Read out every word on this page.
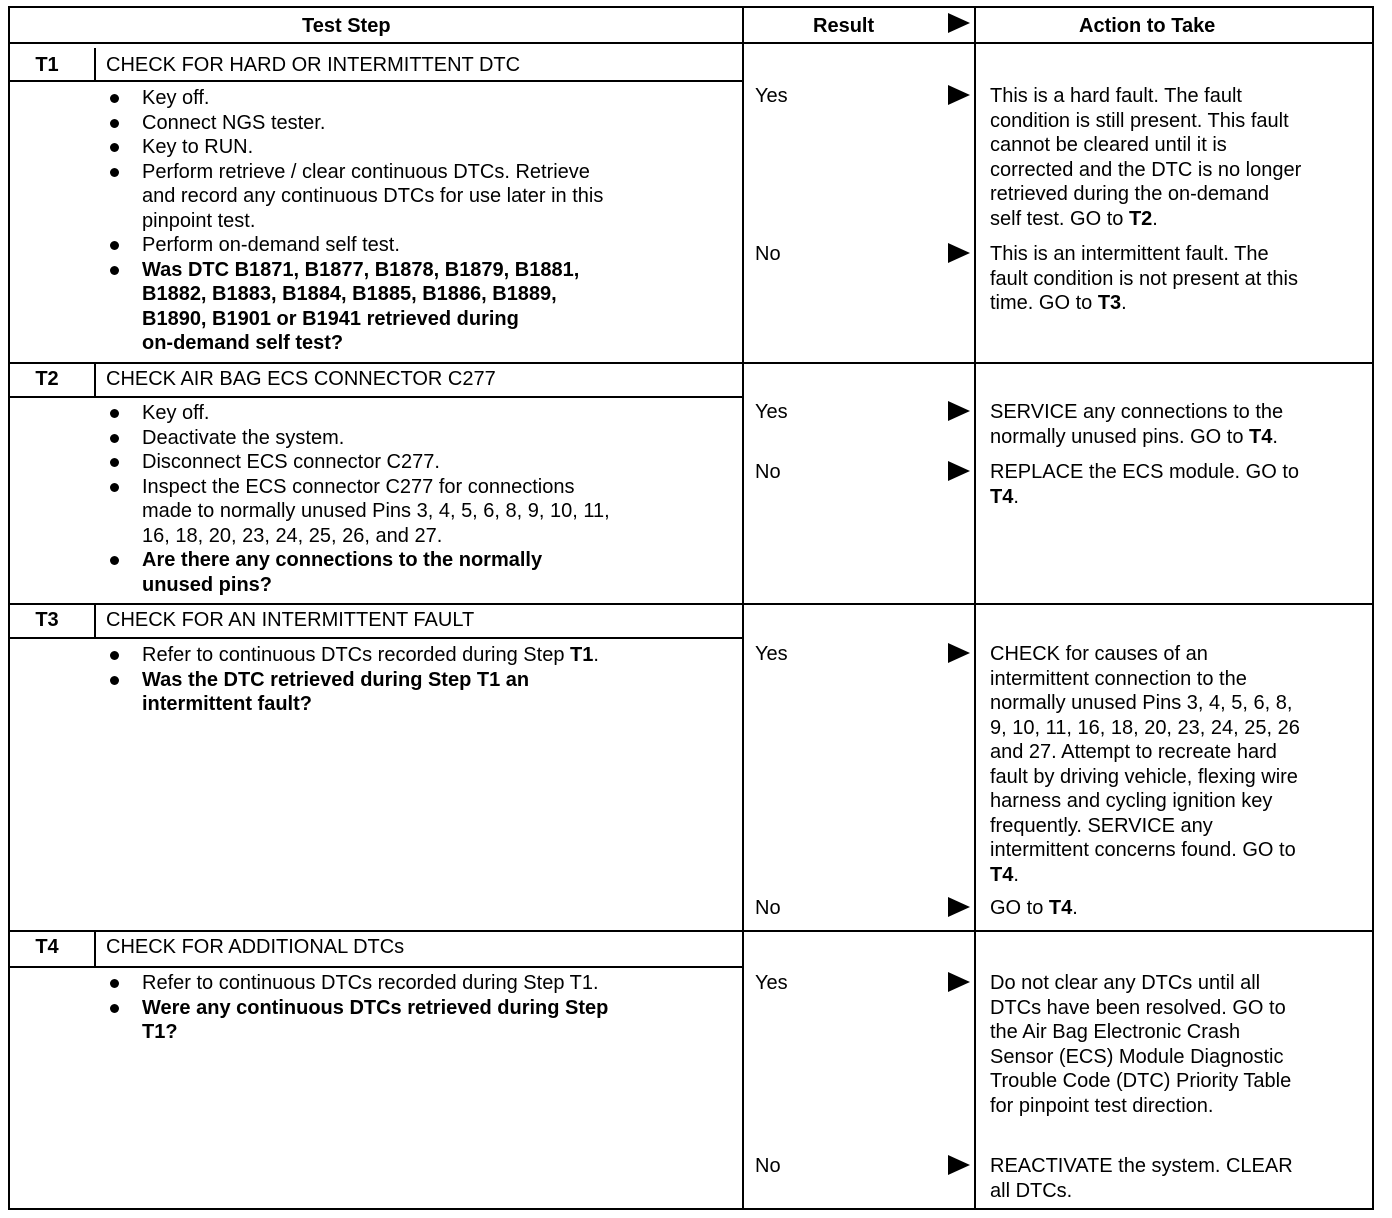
Test Step	Result	Action to Take
T1	CHECK FOR HARD OR INTERMITTENT DTC
Key off.
Connect NGS tester.
Key to RUN.
Perform retrieve / clear continuous DTCs. Retrieve
and record any continuous DTCs for use later in this
pinpoint test.
Perform on-demand self test.
Was DTC B1871, B1877, B1878, B1879, B1881,
B1882, B1883, B1884, B1885, B1886, B1889,
B1890, B1901 or B1941 retrieved during
on-demand self test?
Yes	This is a hard fault. The fault
condition is still present. This fault
cannot be cleared until it is
corrected and the DTC is no longer
retrieved during the on-demand
self test. GO to T2.
No	This is an intermittent fault. The
fault condition is not present at this
time. GO to T3.
T2	CHECK AIR BAG ECS CONNECTOR C277
Key off.
Deactivate the system.
Disconnect ECS connector C277.
Inspect the ECS connector C277 for connections
made to normally unused Pins 3, 4, 5, 6, 8, 9, 10, 11,
16, 18, 20, 23, 24, 25, 26, and 27.
Are there any connections to the normally
unused pins?
Yes	SERVICE any connections to the
normally unused pins. GO to T4.
No	REPLACE the ECS module. GO to
T4.
T3	CHECK FOR AN INTERMITTENT FAULT
Refer to continuous DTCs recorded during Step T1.
Was the DTC retrieved during Step T1 an
intermittent fault?
Yes	CHECK for causes of an
intermittent connection to the
normally unused Pins 3, 4, 5, 6, 8,
9, 10, 11, 16, 18, 20, 23, 24, 25, 26
and 27. Attempt to recreate hard
fault by driving vehicle, flexing wire
harness and cycling ignition key
frequently. SERVICE any
intermittent concerns found. GO to
T4.
No	GO to T4.
T4	CHECK FOR ADDITIONAL DTCs
Refer to continuous DTCs recorded during Step T1.
Were any continuous DTCs retrieved during Step
T1?
Yes	Do not clear any DTCs until all
DTCs have been resolved. GO to
the Air Bag Electronic Crash
Sensor (ECS) Module Diagnostic
Trouble Code (DTC) Priority Table
for pinpoint test direction.
No	REACTIVATE the system. CLEAR
all DTCs.
